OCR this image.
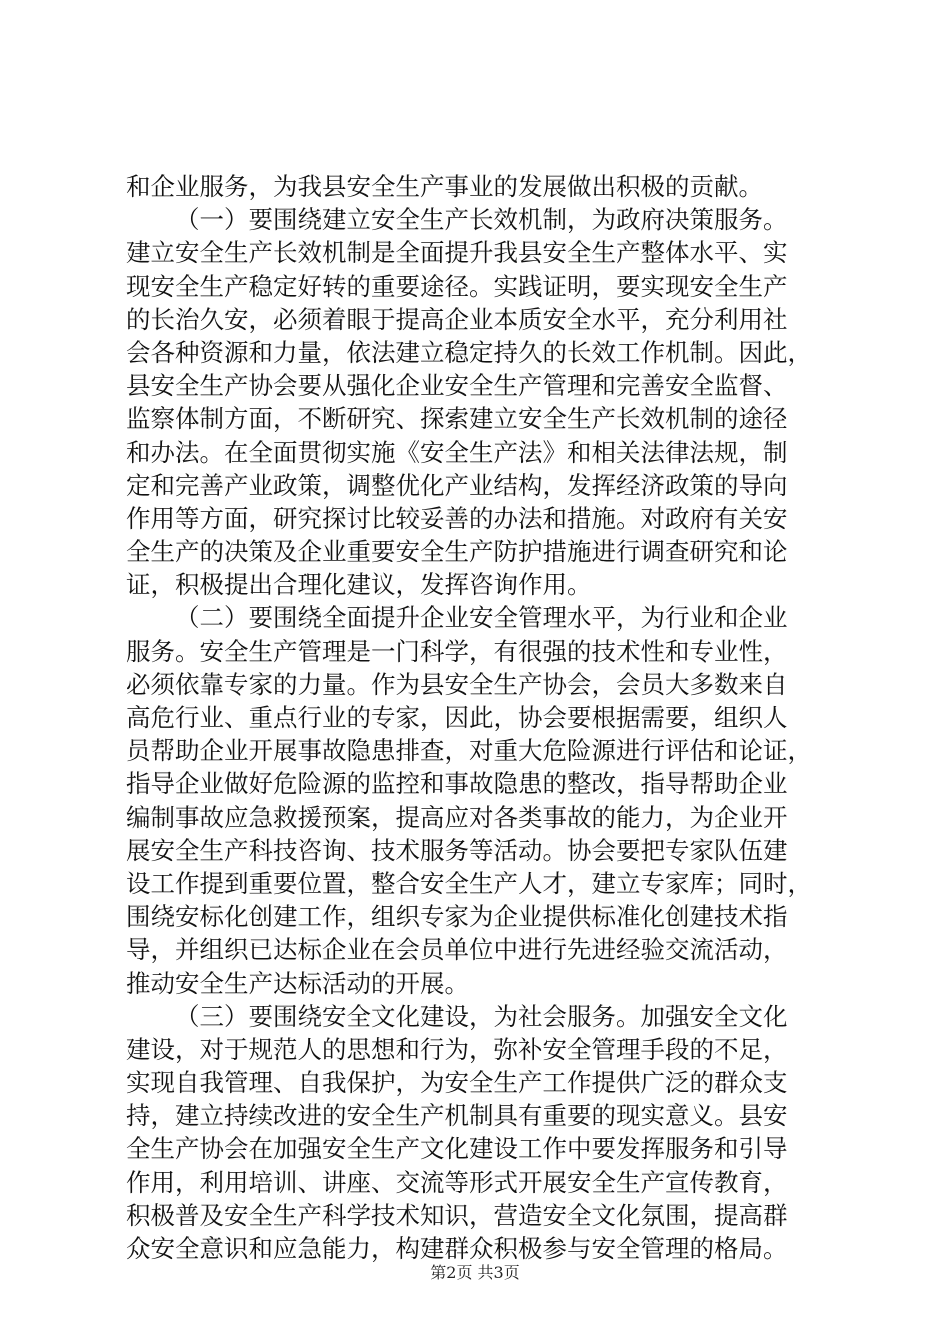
和企业服务，为我县安全生产事业的发展做出积极的贡献。
（一）要围绕建立安全生产长效机制，为政府决策服务。
建立安全生产长效机制是全面提升我县安全生产整体水平、实
现安全生产稳定好转的重要途径。实践证明，要实现安全生产
的长治久安，必须着眼于提高企业本质安全水平，充分利用社
会各种资源和力量，依法建立稳定持久的长效工作机制。因此，
县安全生产协会要从强化企业安全生产管理和完善安全监督、
监察体制方面，不断研究、探索建立安全生产长效机制的途径
和办法。在全面贯彻实施《安全生产法》和相关法律法规，制
定和完善产业政策，调整优化产业结构，发挥经济政策的导向
作用等方面，研究探讨比较妥善的办法和措施。对政府有关安
全生产的决策及企业重要安全生产防护措施进行调查研究和论
证，积极提出合理化建议，发挥咨询作用。
（二）要围绕全面提升企业安全管理水平，为行业和企业
服务。安全生产管理是一门科学，有很强的技术性和专业性，
必须依靠专家的力量。作为县安全生产协会，会员大多数来自
高危行业、重点行业的专家，因此，协会要根据需要，组织人
员帮助企业开展事故隐患排查，对重大危险源进行评估和论证，
指导企业做好危险源的监控和事故隐患的整改，指导帮助企业
编制事故应急救援预案，提高应对各类事故的能力，为企业开
展安全生产科技咨询、技术服务等活动。协会要把专家队伍建
设工作提到重要位置，整合安全生产人才，建立专家库；同时，
围绕安标化创建工作，组织专家为企业提供标准化创建技术指
导，并组织已达标企业在会员单位中进行先进经验交流活动，
推动安全生产达标活动的开展。
（三）要围绕安全文化建设，为社会服务。加强安全文化
建设，对于规范人的思想和行为，弥补安全管理手段的不足，
实现自我管理、自我保护，为安全生产工作提供广泛的群众支
持，建立持续改进的安全生产机制具有重要的现实意义。县安
全生产协会在加强安全生产文化建设工作中要发挥服务和引导
作用，利用培训、讲座、交流等形式开展安全生产宣传教育，
积极普及安全生产科学技术知识，营造安全文化氛围，提高群
众安全意识和应急能力，构建群众积极参与安全管理的格局。
第2页 共3页
